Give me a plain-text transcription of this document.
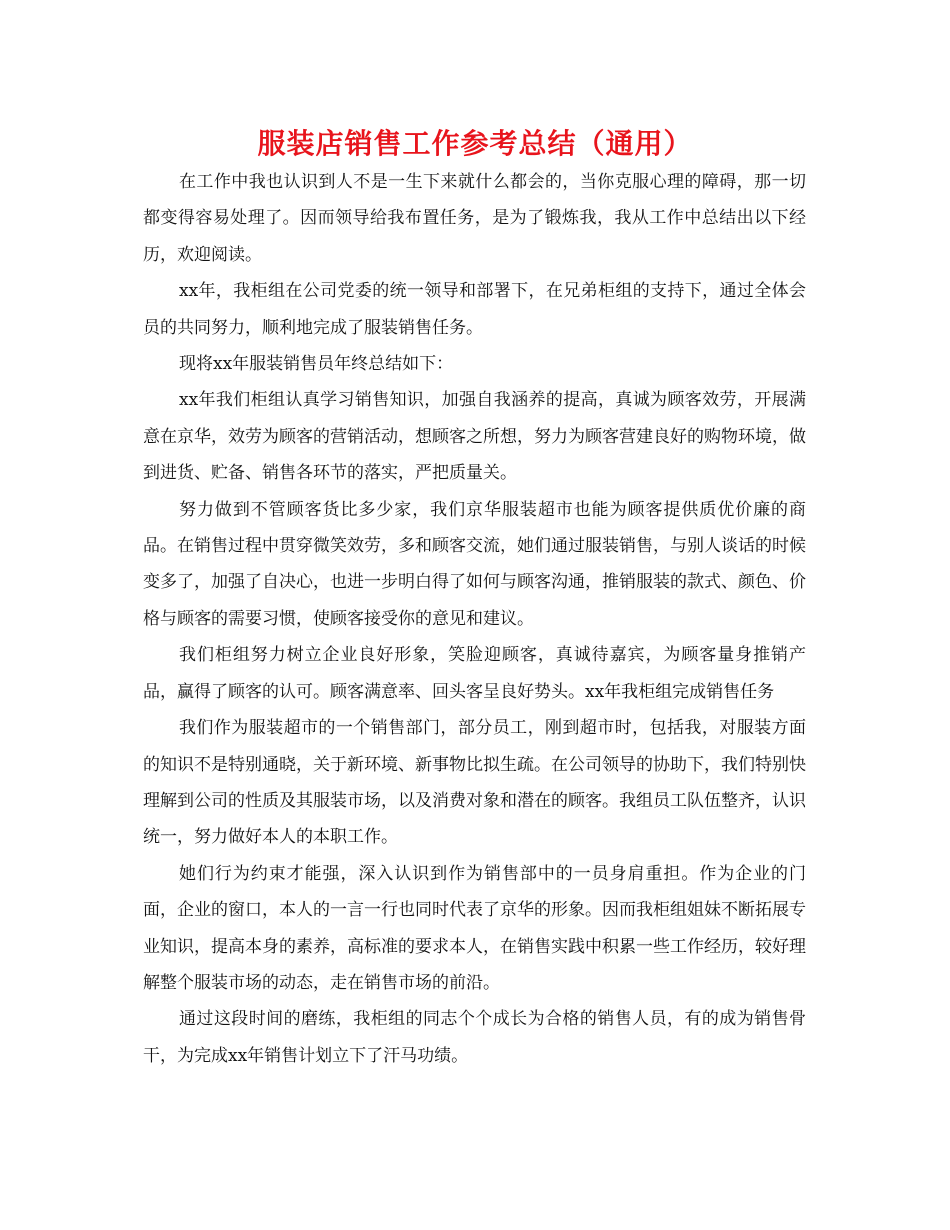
服装店销售工作参考总结（通用）

在工作中我也认识到人不是一生下来就什么都会的，当你克服心理的障碍，那一切都变得容易处理了。因而领导给我布置任务，是为了锻炼我，我从工作中总结出以下经历，欢迎阅读。

xx年，我柜组在公司党委的统一领导和部署下，在兄弟柜组的支持下，通过全体会员的共同努力，顺利地完成了服装销售任务。

现将xx年服装销售员年终总结如下：

xx年我们柜组认真学习销售知识，加强自我涵养的提高，真诚为顾客效劳，开展满意在京华，效劳为顾客的营销活动，想顾客之所想，努力为顾客营建良好的购物环境，做到进货、贮备、销售各环节的落实，严把质量关。

努力做到不管顾客货比多少家，我们京华服装超市也能为顾客提供质优价廉的商品。在销售过程中贯穿微笑效劳，多和顾客交流，她们通过服装销售，与别人谈话的时候变多了，加强了自决心，也进一步明白得了如何与顾客沟通，推销服装的款式、颜色、价格与顾客的需要习惯，使顾客接受你的意见和建议。

我们柜组努力树立企业良好形象，笑脸迎顾客，真诚待嘉宾，为顾客量身推销产品，赢得了顾客的认可。顾客满意率、回头客呈良好势头。xx年我柜组完成销售任务

我们作为服装超市的一个销售部门，部分员工，刚到超市时，包括我，对服装方面的知识不是特别通晓，关于新环境、新事物比拟生疏。在公司领导的协助下，我们特别快理解到公司的性质及其服装市场，以及消费对象和潜在的顾客。我组员工队伍整齐，认识统一，努力做好本人的本职工作。

她们行为约束才能强，深入认识到作为销售部中的一员身肩重担。作为企业的门面，企业的窗口，本人的一言一行也同时代表了京华的形象。因而我柜组姐妹不断拓展专业知识，提高本身的素养，高标准的要求本人，在销售实践中积累一些工作经历，较好理解整个服装市场的动态，走在销售市场的前沿。

通过这段时间的磨练，我柜组的同志个个成长为合格的销售人员，有的成为销售骨干，为完成xx年销售计划立下了汗马功绩。
